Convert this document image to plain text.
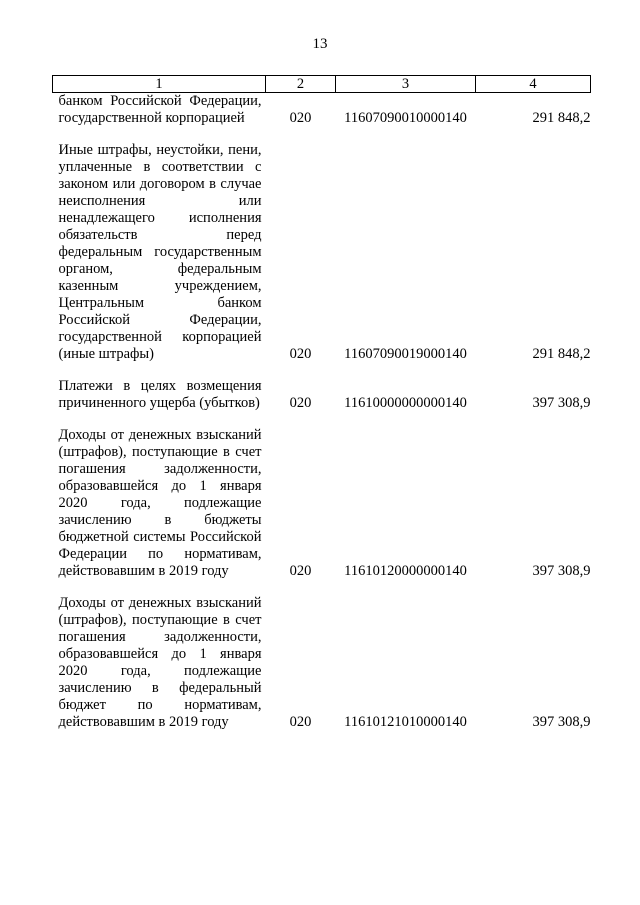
13
1	2	3	4
банком Российской Федерации, государственной корпорацией	020	11607090010000140	291 848,2

Иные штрафы, неустойки, пени, уплаченные в соответствии с законом или договором в случае неисполнения или ненадлежащего исполнения обязательств перед федеральным государственным органом, федеральным казенным учреждением, Центральным банком Российской Федерации, государственной корпорацией (иные штрафы)	020	11607090019000140	291 848,2

Платежи в целях возмещения причиненного ущерба (убытков)	020	11610000000000140	397 308,9

Доходы от денежных взысканий (штрафов), поступающие в счет погашения задолженности, образовавшейся до 1 января 2020 года, подлежащие зачислению в бюджеты бюджетной системы Российской Федерации по нормативам, действовавшим в 2019 году	020	11610120000000140	397 308,9

Доходы от денежных взысканий (штрафов), поступающие в счет погашения задолженности, образовавшейся до 1 января 2020 года, подлежащие зачислению в федеральный бюджет по нормативам, действовавшим в 2019 году	020	11610121010000140	397 308,9
